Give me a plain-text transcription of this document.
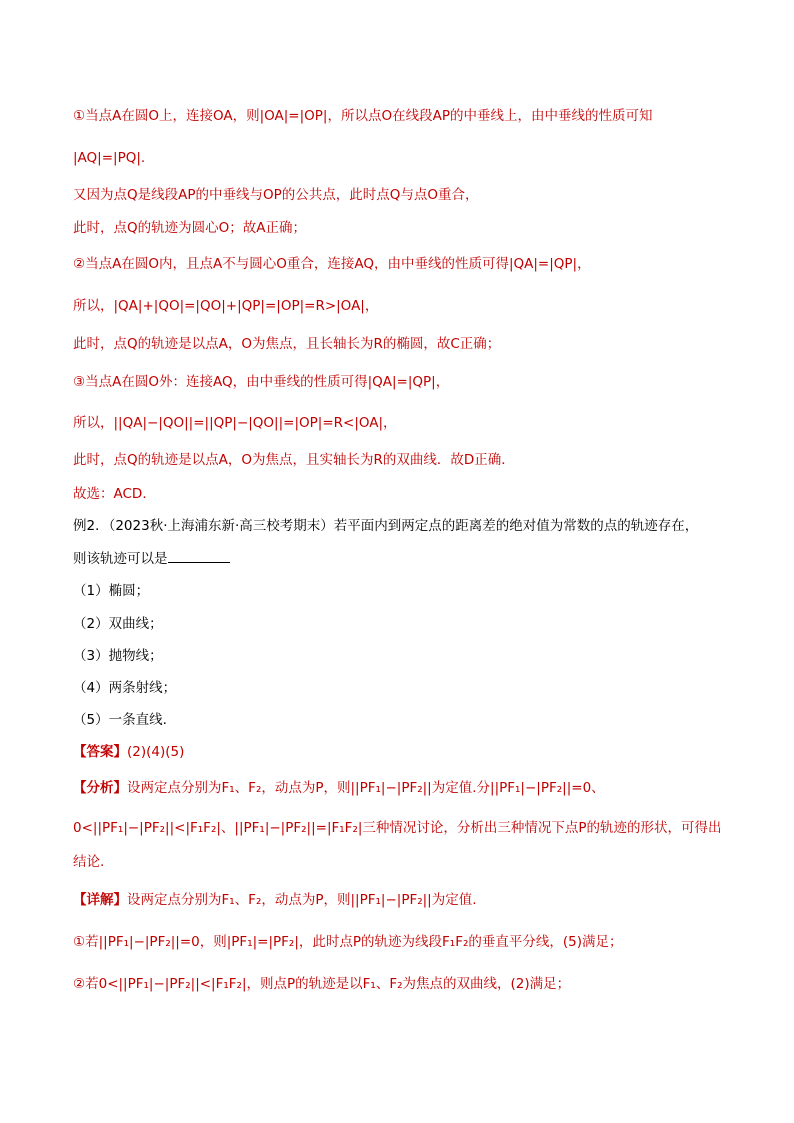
①当点A在圆O上，连接OA，则|OA|=|OP|，所以点O在线段AP的中垂线上，由中垂线的性质可知
|AQ|=|PQ|.
又因为点Q是线段AP的中垂线与OP的公共点，此时点Q与点O重合，
此时，点Q的轨迹为圆心O；故A正确；
②当点A在圆O内，且点A不与圆心O重合，连接AQ，由中垂线的性质可得|QA|=|QP|，
所以，|QA|+|QO|=|QO|+|QP|=|OP|=R>|OA|，
此时，点Q的轨迹是以点A，O为焦点，且长轴长为R的椭圆，故C正确；
③当点A在圆O外：连接AQ，由中垂线的性质可得|QA|=|QP|，
所以，||QA|−|QO||=||QP|−|QO||=|OP|=R<|OA|，
此时，点Q的轨迹是以点A，O为焦点，且实轴长为R的双曲线．故D正确．
故选：ACD．
例2．（2023秋·上海浦东新·高三校考期末）若平面内到两定点的距离差的绝对值为常数的点的轨迹存在，
则该轨迹可以是
（1）椭圆；
（2）双曲线；
（3）抛物线；
（4）两条射线；
（5）一条直线.
【答案】(2)(4)(5)
【分析】设两定点分别为F₁、F₂，动点为P，则||PF₁|−|PF₂||为定值.分||PF₁|−|PF₂||=0、
0<||PF₁|−|PF₂||<|F₁F₂|、||PF₁|−|PF₂||=|F₁F₂|三种情况讨论，分析出三种情况下点P的轨迹的形状，可得出
结论.
【详解】设两定点分别为F₁、F₂，动点为P，则||PF₁|−|PF₂||为定值.
①若||PF₁|−|PF₂||=0，则|PF₁|=|PF₂|，此时点P的轨迹为线段F₁F₂的垂直平分线，(5)满足；
②若0<||PF₁|−|PF₂||<|F₁F₂|，则点P的轨迹是以F₁、F₂为焦点的双曲线，(2)满足；
